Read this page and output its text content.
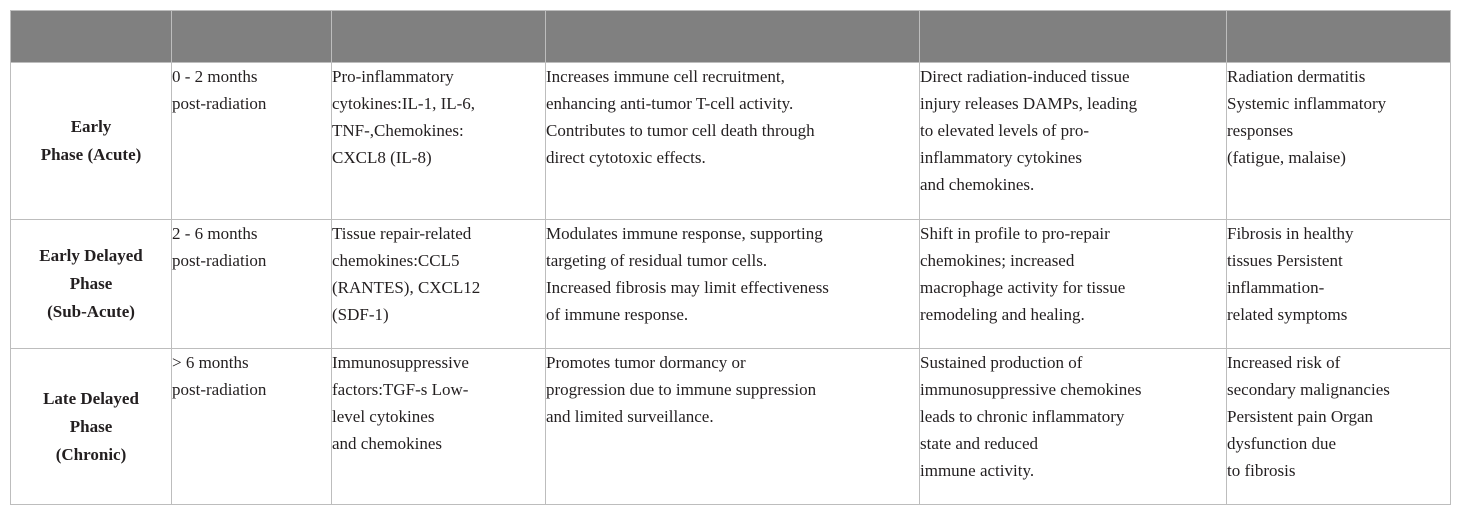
Early
Phase (Acute)	0 - 2 months
post-radiation	Pro-inflammatory
cytokines:IL-1, IL-6,
TNF-,Chemokines:
CXCL8 (IL-8)	Increases immune cell recruitment,
enhancing anti-tumor T-cell activity.
Contributes to tumor cell death through
direct cytotoxic effects.	Direct radiation-induced tissue
injury releases DAMPs, leading
to elevated levels of pro-
inflammatory cytokines
and chemokines.	Radiation dermatitis
Systemic inflammatory
responses
(fatigue, malaise)

Early Delayed
Phase
(Sub-Acute)	2 - 6 months
post-radiation	Tissue repair-related
chemokines:CCL5
(RANTES), CXCL12
(SDF-1)	Modulates immune response, supporting
targeting of residual tumor cells.
Increased fibrosis may limit effectiveness
of immune response.	Shift in profile to pro-repair
chemokines; increased
macrophage activity for tissue
remodeling and healing.	Fibrosis in healthy
tissues Persistent
inflammation-
related symptoms

Late Delayed
Phase
(Chronic)	> 6 months
post-radiation	Immunosuppressive
factors:TGF-s Low-
level cytokines
and chemokines	Promotes tumor dormancy or
progression due to immune suppression
and limited surveillance.	Sustained production of
immunosuppressive chemokines
leads to chronic inflammatory
state and reduced
immune activity.	Increased risk of
secondary malignancies
Persistent pain Organ
dysfunction due
to fibrosis
